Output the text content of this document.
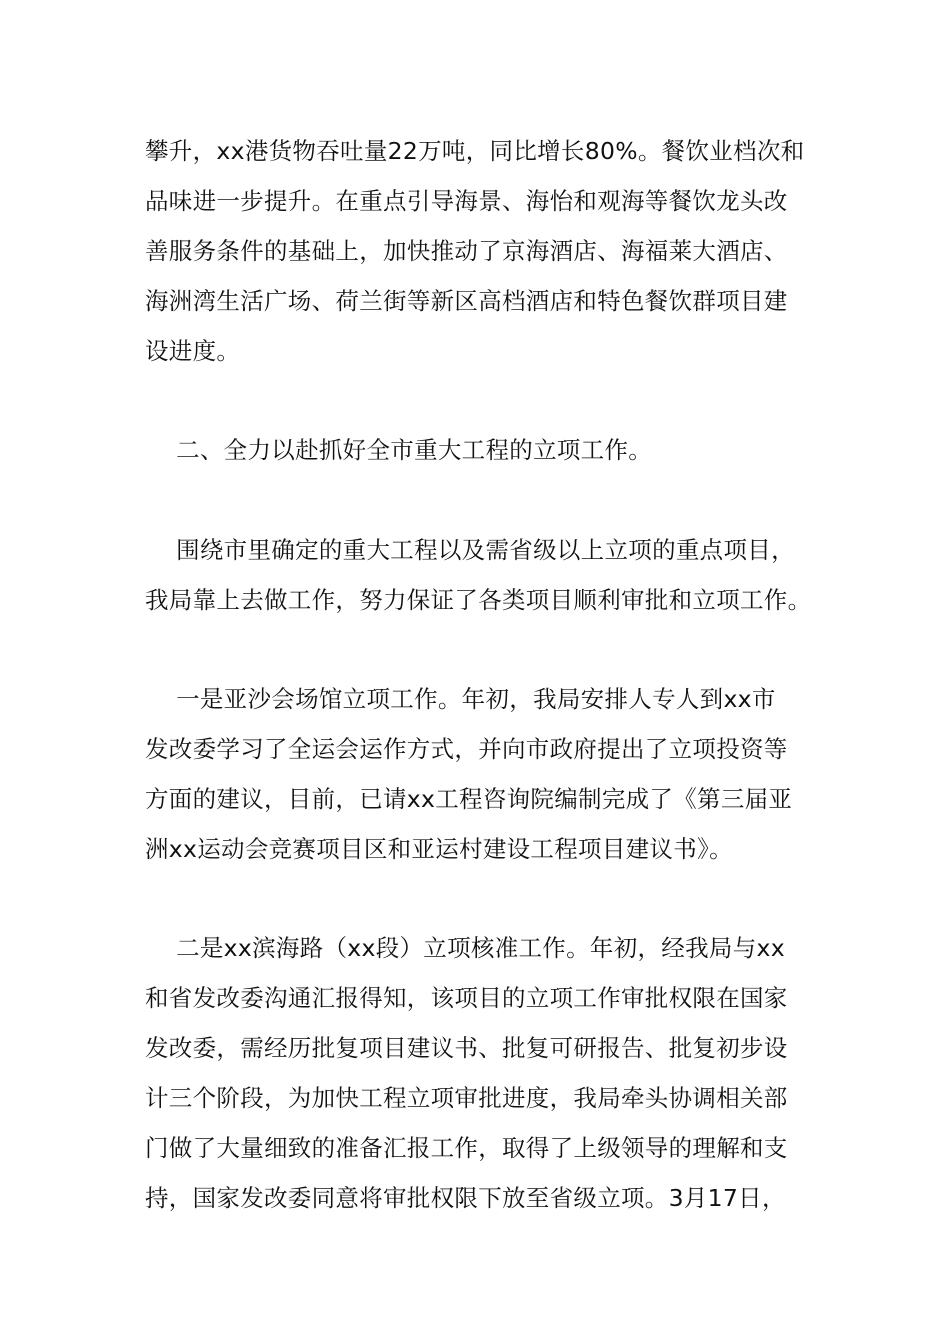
攀升，xx港货物吞吐量22万吨，同比增长80%。餐饮业档次和
品味进一步提升。在重点引导海景、海怡和观海等餐饮龙头改
善服务条件的基础上，加快推动了京海酒店、海福莱大酒店、
海洲湾生活广场、荷兰街等新区高档酒店和特色餐饮群项目建
设进度。
二、全力以赴抓好全市重大工程的立项工作。
围绕市里确定的重大工程以及需省级以上立项的重点项目，
我局靠上去做工作，努力保证了各类项目顺利审批和立项工作。
一是亚沙会场馆立项工作。年初，我局安排人专人到xx市
发改委学习了全运会运作方式，并向市政府提出了立项投资等
方面的建议，目前，已请xx工程咨询院编制完成了《第三届亚
洲xx运动会竞赛项目区和亚运村建设工程项目建议书》。
二是xx滨海路（xx段）立项核准工作。年初，经我局与xx
和省发改委沟通汇报得知，该项目的立项工作审批权限在国家
发改委，需经历批复项目建议书、批复可研报告、批复初步设
计三个阶段，为加快工程立项审批进度，我局牵头协调相关部
门做了大量细致的准备汇报工作，取得了上级领导的理解和支
持，国家发改委同意将审批权限下放至省级立项。3月17日，
